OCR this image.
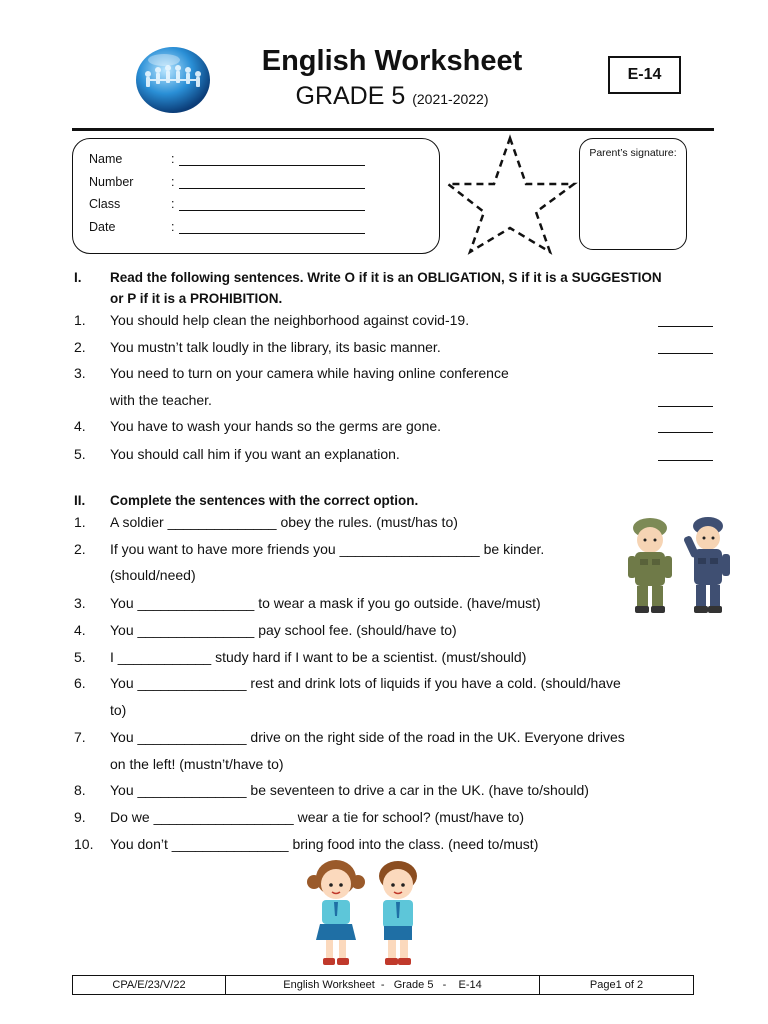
English Worksheet
GRADE 5 (2021-2022)
E-14
Name	:
Number	:
Class	:
Date	:
Parent’s signature:
I. Read the following sentences. Write O if it is an OBLIGATION, S if it is a SUGGESTION or P if it is a PROHIBITION.
1. You should help clean the neighborhood against covid-19.
2. You mustn’t talk loudly in the library, its basic manner.
3. You need to turn on your camera while having online conference
with the teacher.
4. You have to wash your hands so the germs are gone.
5. You should call him if you want an explanation.
II. Complete the sentences with the correct option.
1. A soldier ______________ obey the rules. (must/has to)
2. If you want to have more friends you __________________ be kinder.
(should/need)
3. You _______________ to wear a mask if you go outside. (have/must)
4. You _______________ pay school fee. (should/have to)
5. I ____________ study hard if I want to be a scientist. (must/should)
6. You ______________ rest and drink lots of liquids if you have a cold. (should/have
to)
7. You ______________ drive on the right side of the road in the UK. Everyone drives
on the left! (mustn’t/have to)
8. You ______________ be seventeen to drive a car in the UK. (have to/should)
9. Do we __________________ wear a tie for school? (must/have to)
10. You don’t _______________ bring food into the class. (need to/must)
CPA/E/23/V/22	English Worksheet  -   Grade 5   -    E-14	Page1 of 2
